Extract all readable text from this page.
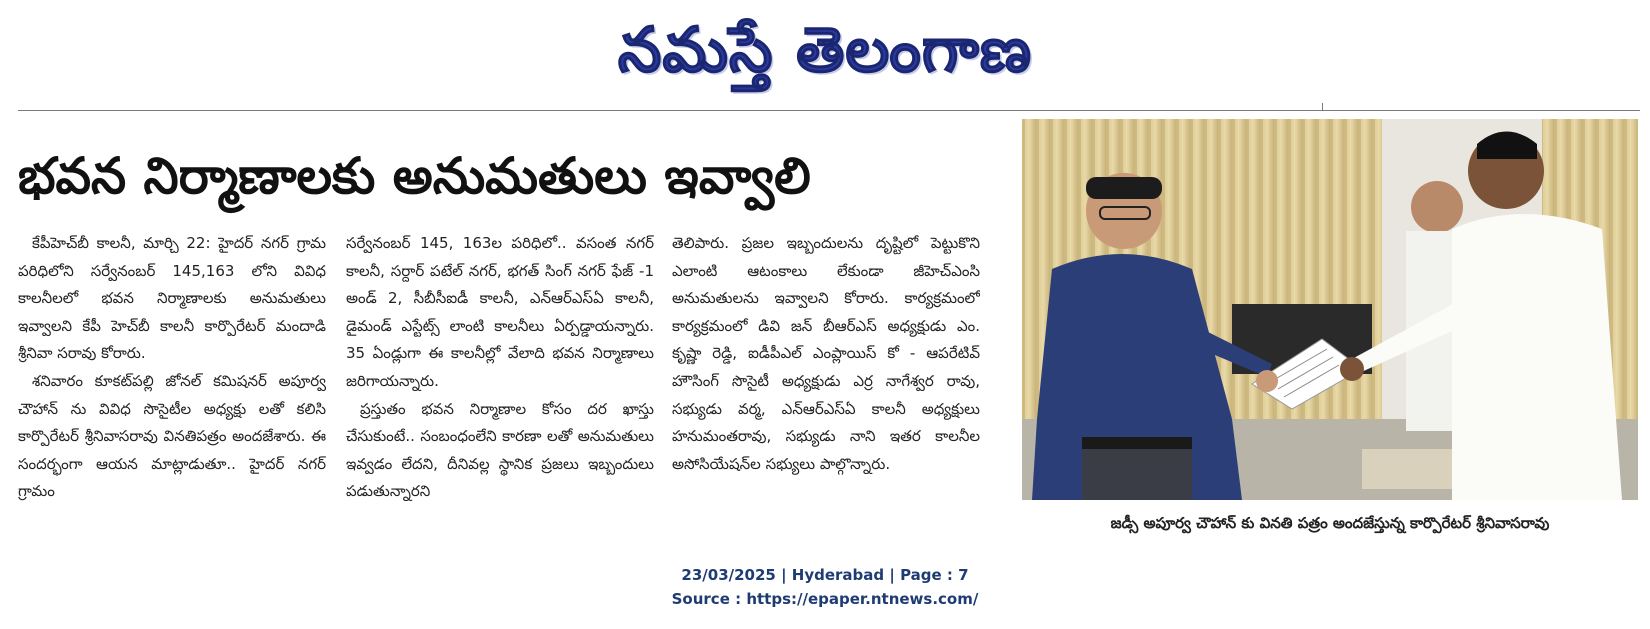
నమస్తే తెలంగాణ
భవన నిర్మాణాలకు అనుమతులు ఇవ్వాలి

కేపీహెచ్‌బీ కాలనీ, మార్చి 22: హైదర్‌ నగర్‌ గ్రామ పరిధిలోని సర్వేనంబర్‌ 145,163 లోని వివిధ కాలనీలలో భవన నిర్మాణాలకు అనుమతులు ఇవ్వాలని కేపీ హెచ్‌బీ కాలనీ కార్పొరేటర్‌ మందాడి శ్రీనివా సరావు కోరారు.

శనివారం కూకట్‌పల్లి జోనల్‌ కమిషనర్‌ అపూర్వ చౌహాన్‌ ను వివిధ సొసైటీల అధ్యక్షు లతో కలిసి కార్పొరేటర్‌ శ్రీనివాసరావు వినతిపత్రం అందజేశారు. ఈ సందర్భంగా ఆయన మాట్లాడుతూ.. హైదర్‌ నగర్‌ గ్రామం

సర్వేనంబర్‌ 145, 163ల పరిధిలో.. వసంత నగర్‌ కాలనీ, సర్దార్‌ పటేల్‌ నగర్‌, భగత్‌ సింగ్‌ నగర్‌ ఫేజ్‌ -1 అండ్‌ 2, సీబీసీఐడీ కాలనీ, ఎన్‌ఆర్‌ఎస్‌ఏ కాలనీ, డైమండ్‌ ఎస్టేట్స్‌ లాంటి కాలనీలు ఏర్పడ్డాయన్నారు. 35 ఏండ్లుగా ఈ కాలనీల్లో వేలాది భవన నిర్మాణాలు జరిగాయన్నారు.

ప్రస్తుతం భవన నిర్మాణాల కోసం దర ఖాస్తు చేసుకుంటే.. సంబంధంలేని కారణా లతో అనుమతులు ఇవ్వడం లేదని, దీనివల్ల స్థానిక ప్రజలు ఇబ్బందులు పడుతున్నారని

తెలిపారు. ప్రజల ఇబ్బందులను దృష్టిలో పెట్టుకొని ఎలాంటి ఆటంకాలు లేకుండా జీహెచ్‌ఎంసి అనుమతులను ఇవ్వాలని కోరారు. కార్యక్రమంలో కార్యక్రమంలో డివి జన్‌ బీఆర్‌ఎస్‌ అధ్యక్షుడు ఎం. కృష్ణా రెడ్డి, ఐడీపీఎల్‌ ఎంప్లాయిస్‌ కో - ఆపరేటివ్‌ హౌసింగ్‌ సొసైటీ అధ్యక్షుడు ఎర్ర నాగేశ్వర రావు, సభ్యుడు వర్మ, ఎన్‌ఆర్‌ఎస్‌ఏ కాలనీ అధ్యక్షులు హనుమంతరావు, సభ్యుడు నాని ఇతర కాలనీల అసోసియేషన్‌ల సభ్యులు పాల్గొన్నారు.

జడ్సీ అపూర్వ చౌహాన్‌ కు వినతి పత్రం అందజేస్తున్న కార్పొరేటర్‌ శ్రీనివాసరావు
23/03/2025 | Hyderabad | Page : 7
Source : https://epaper.ntnews.com/
